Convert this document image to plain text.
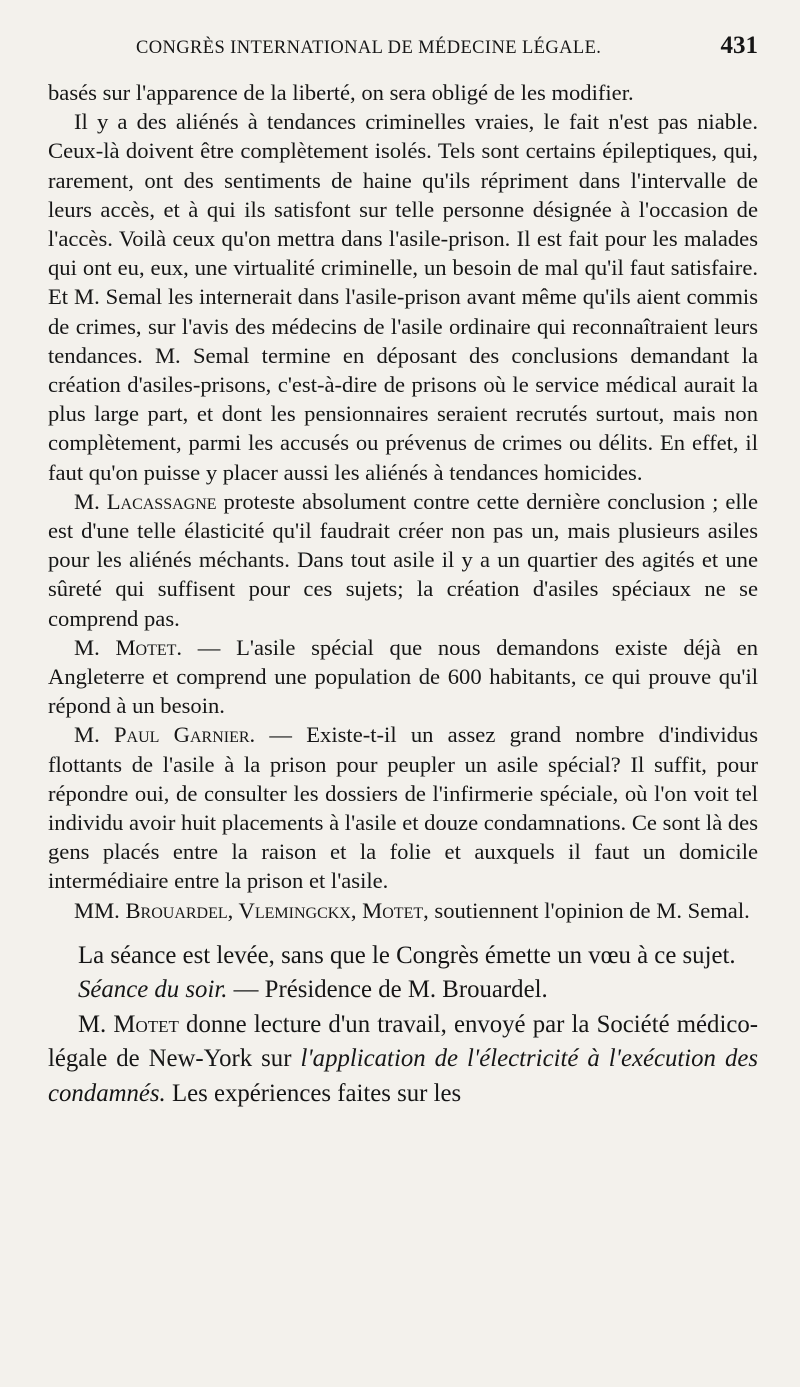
CONGRÈS INTERNATIONAL DE MÉDECINE LÉGALE.	431

basés sur l'apparence de la liberté, on sera obligé de les modifier.

Il y a des aliénés à tendances criminelles vraies, le fait n'est pas niable. Ceux-là doivent être complètement isolés. Tels sont certains épileptiques, qui, rarement, ont des sentiments de haine qu'ils répriment dans l'intervalle de leurs accès, et à qui ils satisfont sur telle personne désignée à l'occasion de l'accès. Voilà ceux qu'on mettra dans l'asile-prison. Il est fait pour les malades qui ont eu, eux, une virtualité criminelle, un besoin de mal qu'il faut satisfaire. Et M. Semal les internerait dans l'asile-prison avant même qu'ils aient commis de crimes, sur l'avis des médecins de l'asile ordinaire qui reconnaîtraient leurs tendances. M. Semal termine en déposant des conclusions demandant la création d'asiles-prisons, c'est-à-dire de prisons où le service médical aurait la plus large part, et dont les pensionnaires seraient recrutés surtout, mais non complètement, parmi les accusés ou prévenus de crimes ou délits. En effet, il faut qu'on puisse y placer aussi les aliénés à tendances homicides.

M. Lacassagne proteste absolument contre cette dernière conclusion ; elle est d'une telle élasticité qu'il faudrait créer non pas un, mais plusieurs asiles pour les aliénés méchants. Dans tout asile il y a un quartier des agités et une sûreté qui suffisent pour ces sujets; la création d'asiles spéciaux ne se comprend pas.

M. Motet. — L'asile spécial que nous demandons existe déjà en Angleterre et comprend une population de 600 habitants, ce qui prouve qu'il répond à un besoin.

M. Paul Garnier. — Existe-t-il un assez grand nombre d'individus flottants de l'asile à la prison pour peupler un asile spécial? Il suffit, pour répondre oui, de consulter les dossiers de l'infirmerie spéciale, où l'on voit tel individu avoir huit placements à l'asile et douze condamnations. Ce sont là des gens placés entre la raison et la folie et auxquels il faut un domicile intermédiaire entre la prison et l'asile.

MM. Brouardel, Vlemingckx, Motet, soutiennent l'opinion de M. Semal.

La séance est levée, sans que le Congrès émette un vœu à ce sujet.

Séance du soir. — Présidence de M. Brouardel.

M. Motet donne lecture d'un travail, envoyé par la Société médico-légale de New-York sur l'application de l'électricité à l'exécution des condamnés. Les expériences faites sur les
